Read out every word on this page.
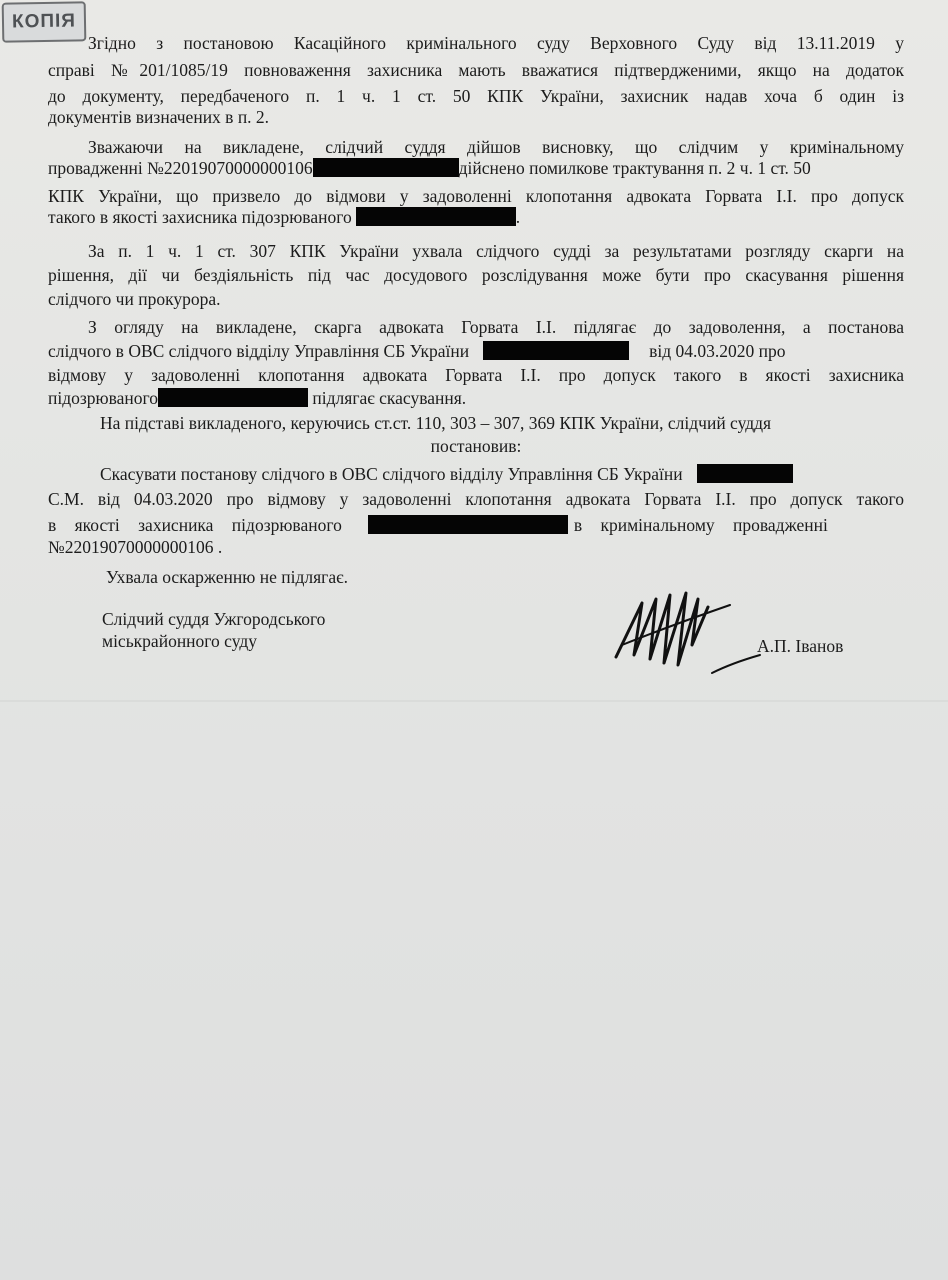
КОПІЯ
Згідно з постановою Касаційного кримінального суду Верховного Суду від 13.11.2019 у
справі №201/1085/19 повноваження захисника мають вважатися підтвердженими, якщо на додаток
до документу, передбаченого п. 1 ч. 1 ст. 50 КПК України, захисник надав хоча б один із
документів визначених в п. 2.
Зважаючи на викладене, слідчий суддя дійшов висновку, що слідчим у кримінальному
провадженні №22019070000000106	дійснено помилкове трактування п. 2 ч. 1 ст. 50
КПК України, що призвело до відмови у задоволенні клопотання адвоката Горвата І.І. про допуск
такого в якості захисника підозрюваного	.
За п. 1 ч. 1 ст. 307 КПК України ухвала слідчого судді за результатами розгляду скарги на
рішення, дії чи бездіяльність під час досудового розслідування може бути про скасування рішення
слідчого чи прокурора.
З огляду на викладене, скарга адвоката Горвата І.І. підлягає до задоволення, а постанова
слідчого в ОВС слідчого відділу Управління СБ України	від 04.03.2020 про
відмову у задоволенні клопотання адвоката Горвата І.І. про допуск такого в якості захисника
підозрюваного	підлягає скасування.
На підставі викладеного, керуючись ст.ст. 110, 303 – 307, 369 КПК України, слідчий суддя
постановив:
Скасувати постанову слідчого в ОВС слідчого відділу Управління СБ України
С.М. від 04.03.2020 про відмову у задоволенні клопотання адвоката Горвата І.І. про допуск такого
в якості захисника підозрюваного	в кримінальному провадженні
№22019070000000106 .
Ухвала оскарженню не підлягає.
Слідчий суддя Ужгородського
міськрайонного суду	А.П. Іванов
